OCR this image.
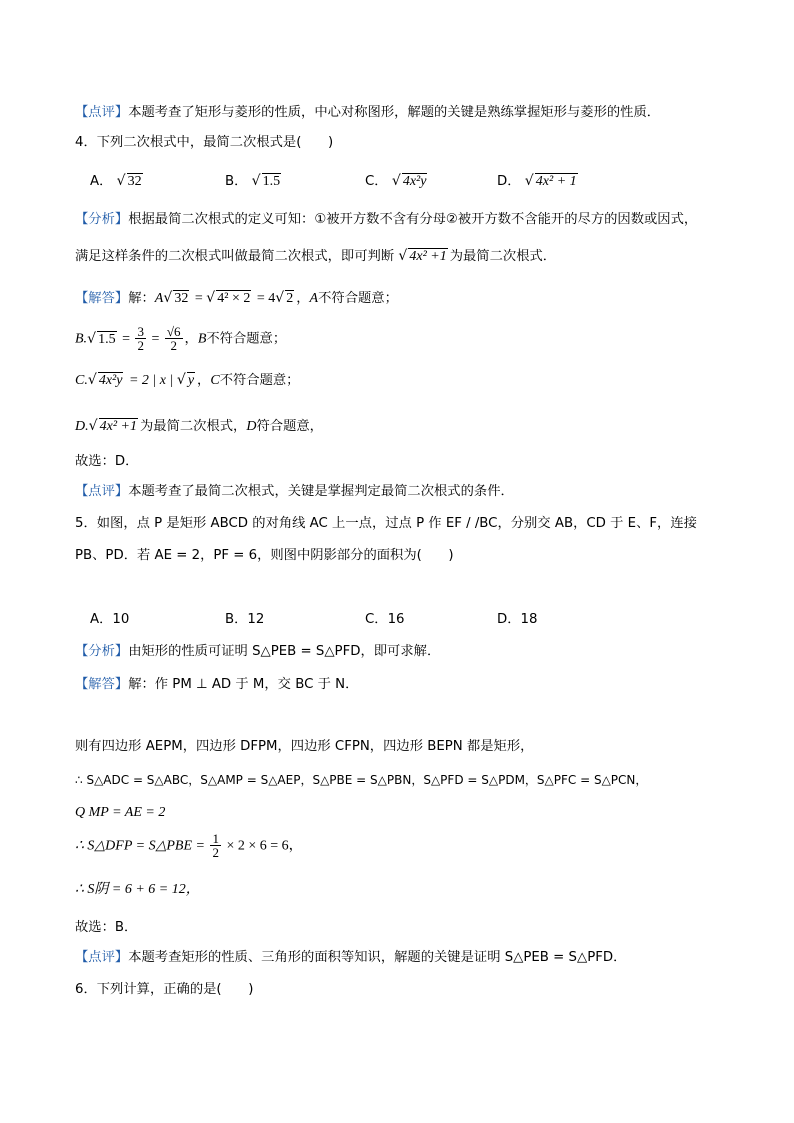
【点评】本题考查了矩形与菱形的性质，中心对称图形，解题的关键是熟练掌握矩形与菱形的性质．
4．下列二次根式中，最简二次根式是(　　)
A． √ 32	B． √ 1.5	C． √ 4x²y	D． √ 4x² + 1
【分析】根据最简二次根式的定义可知：①被开方数不含有分母②被开方数不含能开的尽方的因数或因式，
满足这样条件的二次根式叫做最简二次根式，即可判断 √ 4x² +1 为最简二次根式．
【解答】解：A √ 32 = √ 4² × 2 = 4 √ 2 ，A不符合题意；
B. √ $1.5 = \frac{3}{2} = \frac{√6}{2}$ ，B不符合题意；
C. √ 4x²y = 2 | x | √ y ，C不符合题意；
D. √ 4x² +1 为最简二次根式，D符合题意，
故选：D．
【点评】本题考查了最简二次根式，关键是掌握判定最简二次根式的条件．
5．如图，点 P 是矩形 ABCD 的对角线 AC 上一点，过点 P 作 EF / /BC，分别交 AB，CD 于 E、F，连接
PB、PD．若 AE = 2，PF = 6，则图中阴影部分的面积为(　　)
A．10	B．12	C．16	D．18
【分析】由矩形的性质可证明 S△PEB = S△PFD，即可求解．
【解答】解：作 PM ⊥ AD 于 M，交 BC 于 N．
则有四边形 AEPM，四边形 DFPM，四边形 CFPN，四边形 BEPN 都是矩形，
∴ S△ADC = S△ABC，S△AMP = S△AEP，S△PBE = S△PBN，S△PFD = S△PDM，S△PFC = S△PCN，
Q MP = AE = 2
∴ S△DFP = S△PBE = $\frac{1}{2} \times 2 \times 6 = 6$，
∴ S阴 = 6 + 6 = 12，
故选：B．
【点评】本题考查矩形的性质、三角形的面积等知识，解题的关键是证明 S△PEB = S△PFD．
6．下列计算，正确的是(　　)
